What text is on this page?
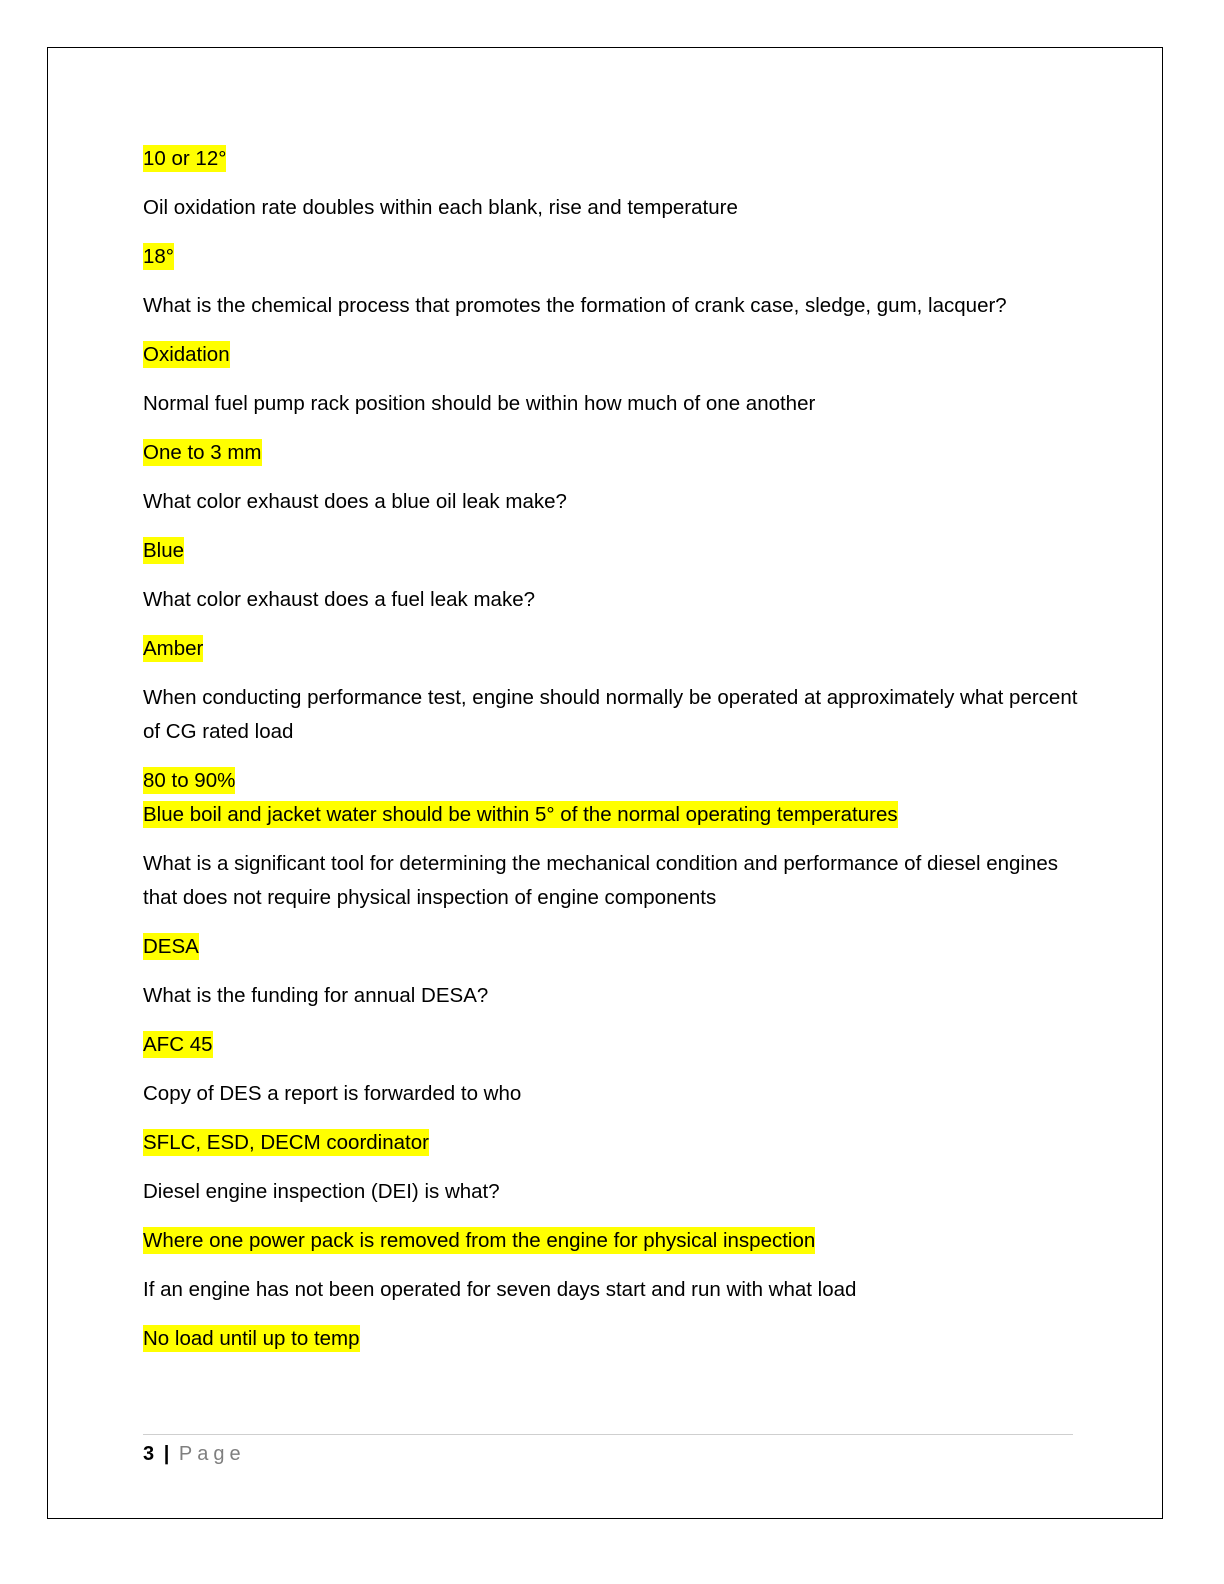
10 or 12°
Oil oxidation rate doubles within each blank, rise and temperature
18°
What is the chemical process that promotes the formation of crank case, sledge, gum, lacquer?
Oxidation
Normal fuel pump rack position should be within how much of one another
One to 3 mm
What color exhaust does a blue oil leak make?
Blue
What color exhaust does a fuel leak make?
Amber
When conducting performance test, engine should normally be operated at approximately what percent of CG rated load
80 to 90%
Blue boil and jacket water should be within 5° of the normal operating temperatures
What is a significant tool for determining the mechanical condition and performance of diesel engines that does not require physical inspection of engine components
DESA
What is the funding for annual DESA?
AFC 45
Copy of DES a report is forwarded to who
SFLC, ESD, DECM coordinator
Diesel engine inspection (DEI) is what?
Where one power pack is removed from the engine for physical inspection
If an engine has not been operated for seven days start and run with what load
No load until up to temp
3 | Page
